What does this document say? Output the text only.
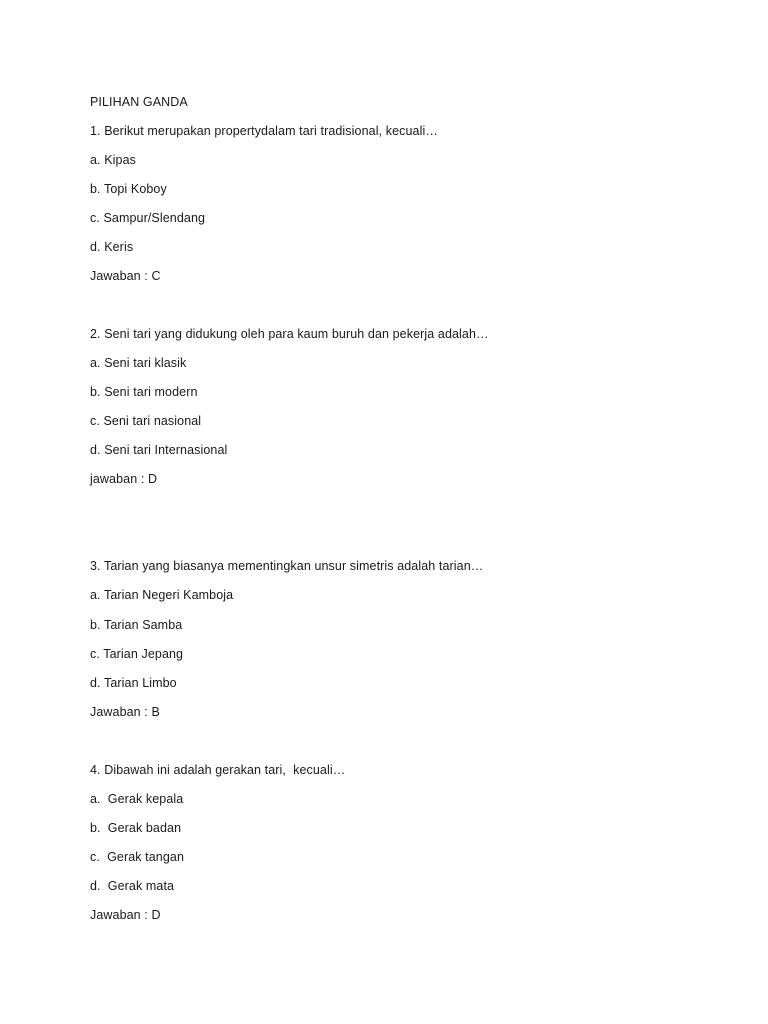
PILIHAN GANDA
1. Berikut merupakan propertydalam tari tradisional, kecuali…
a. Kipas
b. Topi Koboy
c. Sampur/Slendang
d. Keris
Jawaban : C
2. Seni tari yang didukung oleh para kaum buruh dan pekerja adalah…
a. Seni tari klasik
b. Seni tari modern
c. Seni tari nasional
d. Seni tari Internasional
jawaban : D
3. Tarian yang biasanya mementingkan unsur simetris adalah tarian…
a. Tarian Negeri Kamboja
b. Tarian Samba
c. Tarian Jepang
d. Tarian Limbo
Jawaban : B
4. Dibawah ini adalah gerakan tari,  kecuali…
a.  Gerak kepala
b.  Gerak badan
c.  Gerak tangan
d.  Gerak mata
Jawaban : D
